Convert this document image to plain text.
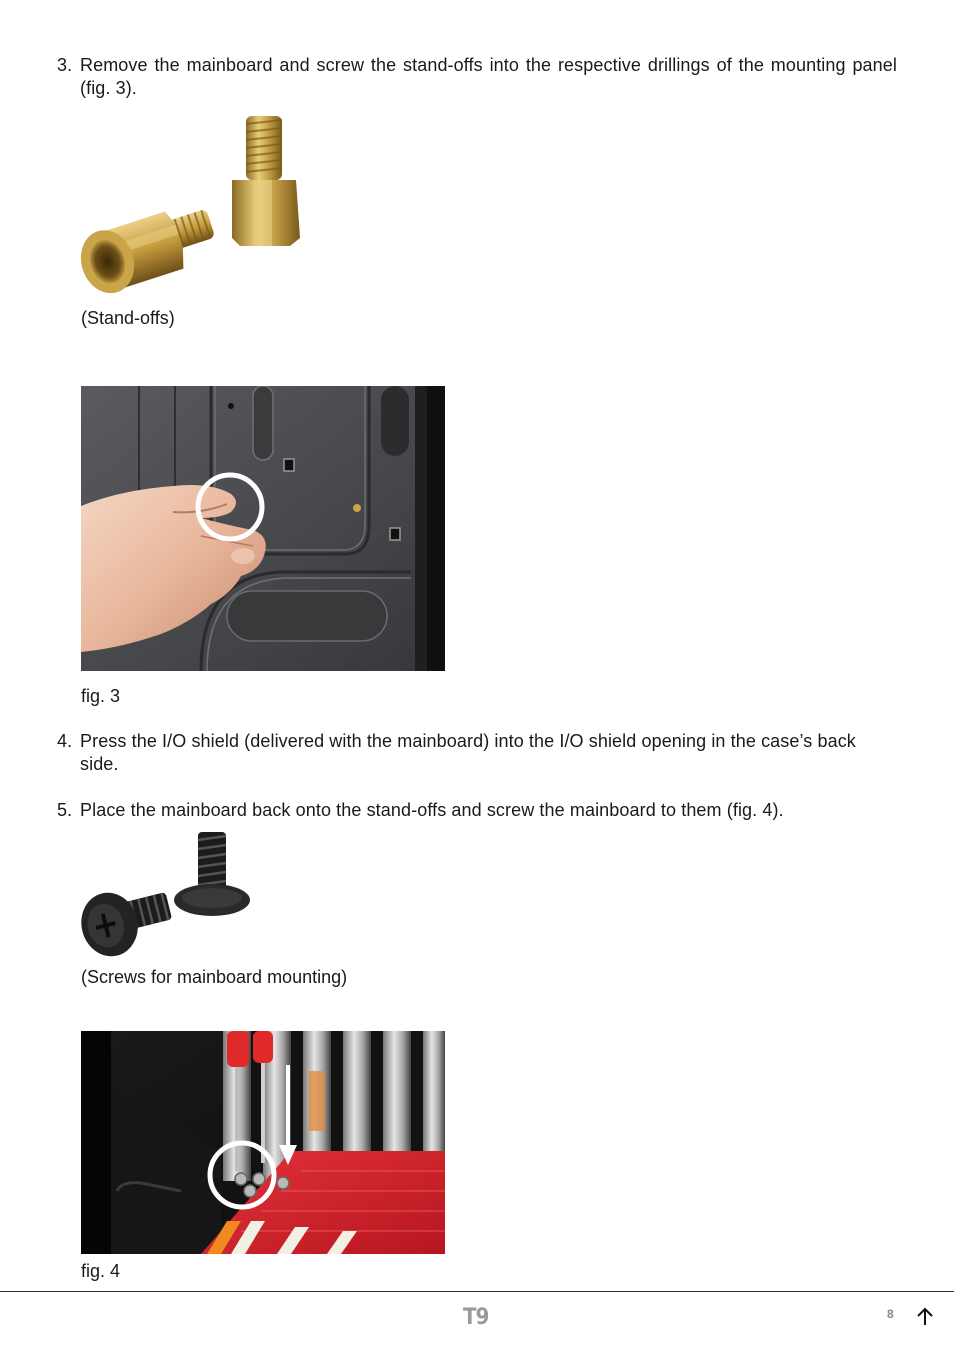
3. Remove the mainboard and screw the stand-offs into the respective drillings of the mounting panel (fig. 3).
(Stand-offs)
fig. 3
4. Press the I/O shield (delivered with the mainboard) into the I/O shield opening in the case’s back side.
5. Place the mainboard back onto the stand-offs and screw the mainboard to them (fig. 4).
(Screws for mainboard mounting)
fig. 4
T9	8
